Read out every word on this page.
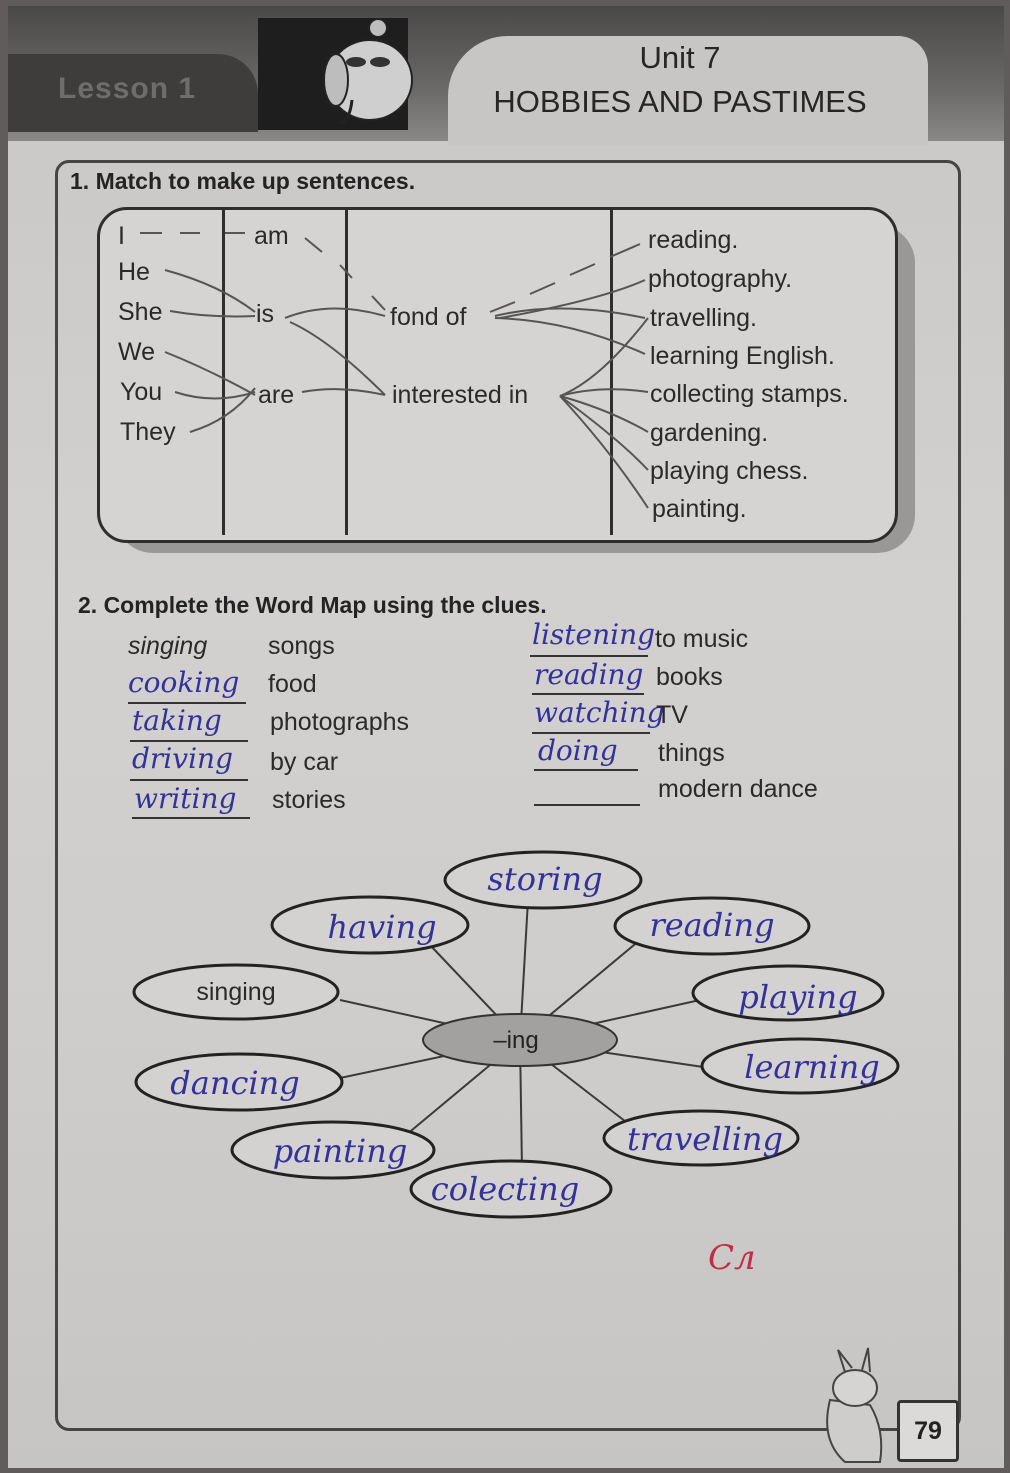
Lesson 1
Unit 7
HOBBIES AND PASTIMES
1. Match to make up sentences.
I
He
She
We
You
They
am
is
are
fond of
interested in
reading.
photography.
travelling.
learning English.
collecting stamps.
gardening.
playing chess.
painting.
2. Complete the Word Map using the clues.
singing songs
cooking food
taking photographs
driving by car
writing stories
listening to music
reading books
watching
TV
doing things
modern dance
–ing
storing
reading
playing
learning
travelling
colecting
painting
dancing
having
singing
Cл
79
